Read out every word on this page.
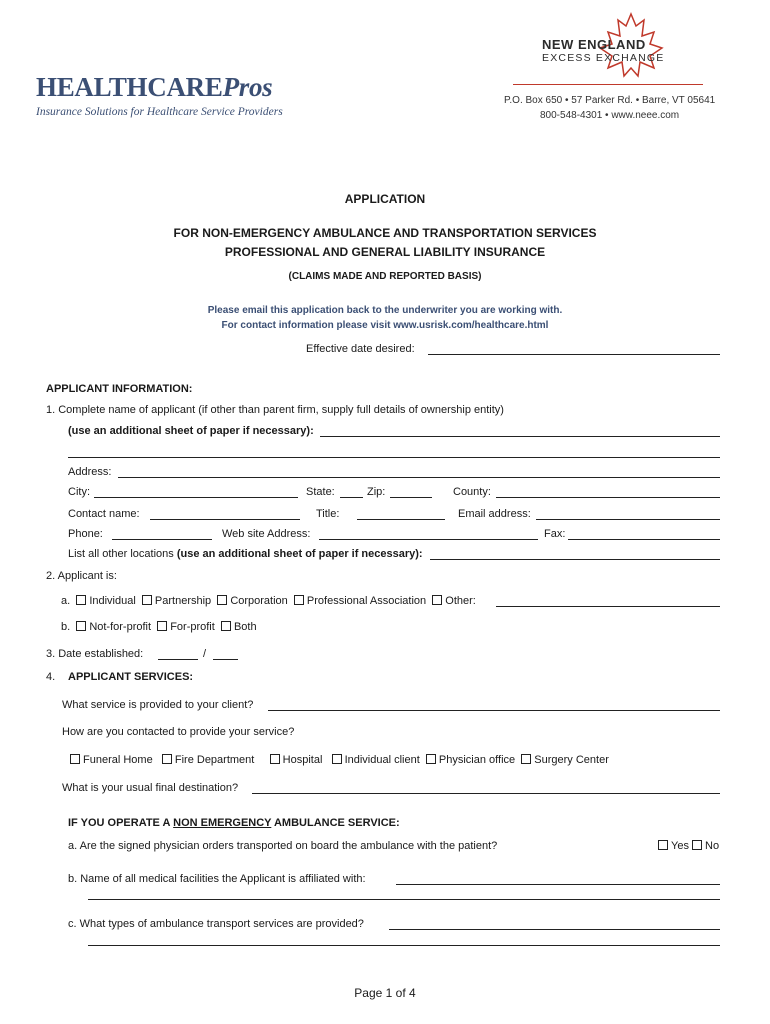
HEALTHCAREPros
Insurance Solutions for Healthcare Service Providers
NEW ENGLAND
EXCESS EXCHANGE
P.O. Box 650 • 57 Parker Rd. • Barre, VT 05641
800-548-4301 • www.neee.com
APPLICATION
FOR NON-EMERGENCY AMBULANCE AND TRANSPORTATION SERVICES
PROFESSIONAL AND GENERAL LIABILITY INSURANCE
(CLAIMS MADE AND REPORTED BASIS)
Please email this application back to the underwriter you are working with.
For contact information please visit www.usrisk.com/healthcare.html
Effective date desired:
APPLICANT INFORMATION:
1. Complete name of applicant (if other than parent firm, supply full details of ownership entity)
(use an additional sheet of paper if necessary):
Address:
City:	State:	Zip:	County:
Contact name:	Title:	Email address:
Phone:	Web site Address:	Fax:
List all other locations (use an additional sheet of paper if necessary):
2. Applicant is:
a. Individual Partnership Corporation Professional Association Other:
b. Not-for-profit For-profit Both
3. Date established:	/
4. APPLICANT SERVICES:
What service is provided to your client?
How are you contacted to provide your service?
Funeral Home Fire Department	Hospital Individual client Physician office Surgery Center
What is your usual final destination?
IF YOU OPERATE A NON EMERGENCY AMBULANCE SERVICE:
a. Are the signed physician orders transported on board the ambulance with the patient?	Yes No
b. Name of all medical facilities the Applicant is affiliated with:
c. What types of ambulance transport services are provided?
Page 1 of 4
